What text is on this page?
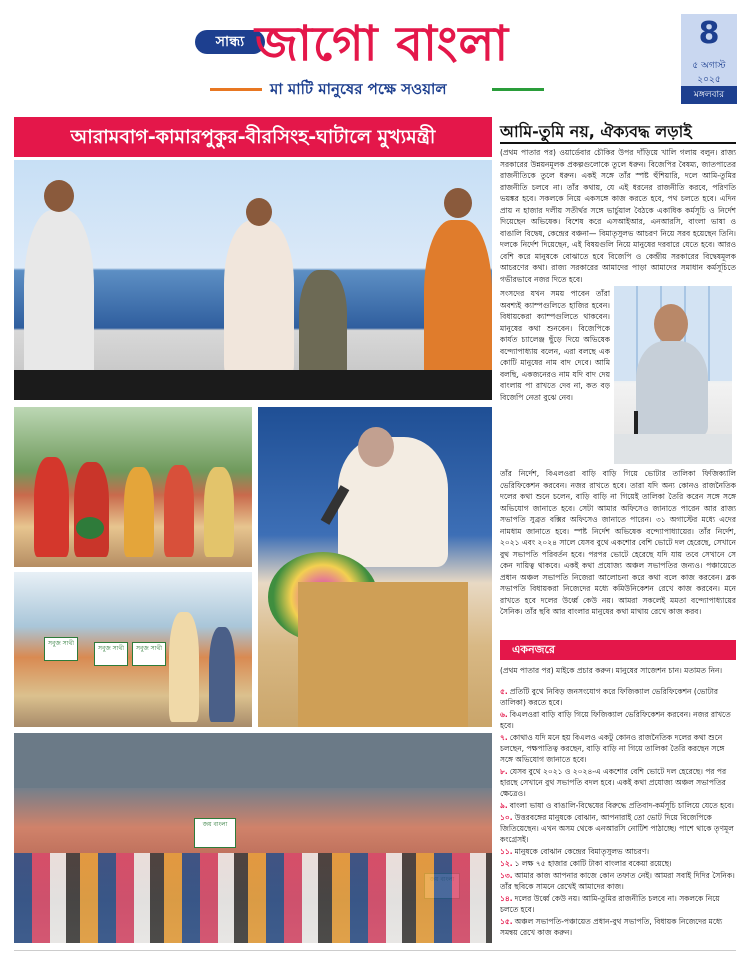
সান্ধ্য জাগো বাংলা
মা মাটি মানুষের পক্ষে সওয়াল
8
৫ অগাস্ট
২০২৫
মঙ্গলবার
আরামবাগ-কামারপুকুর-বীরসিংহ-ঘাটালে মুখ্যমন্ত্রী
সবুজ সাথী
সবুজ সাথী	সবুজ সাথী
জয় বাংলা
আমি-তুমি নয়, ঐক্যবদ্ধ লড়াই
(প্রথম পাতার পর) ওয়ার্ডেবার চৌকির উপর দাঁড়িয়ে খালি গলায় বলুন। রাজ্য সরকারের উন্নয়নমূলক প্রকল্পগুলোকে তুলে ধরুন। বিজেপির বৈষম্য, জাতপাতের রাজনীতিকে তুলে ধরুন। একই সঙ্গে তাঁর স্পষ্ট হুঁশিয়ারি, দলে আমি-তুমির রাজনীতি চলবে না। তাঁর কথায়, যে এই ধরনের রাজনীতি করবে, পরিণতি ভয়ঙ্কর হবে। সকলকে নিয়ে একসঙ্গে কাজ করতে হবে, পথ চলতে হবে। এদিন প্রায় ন হাজার দলীয় সতীর্থর সঙ্গে ভার্চুয়াল বৈঠকে একাধিক কর্মসূচি ও নির্দেশ দিয়েছেন অভিষেক। বিশেষ করে এসআইআর, এনআরসি, বাংলা ভাষা ও বাঙালি বিদ্বেষ, কেন্দ্রের বঞ্চনা— বিমাতৃসুলভ আচরণ নিয়ে সরব হয়েছেন তিনি। দলকে নির্দেশ দিয়েছেন, এই বিষয়গুলি নিয়ে মানুষের দরবারে যেতে হবে। আরও বেশি করে মানুষকে বোঝাতে হবে বিজেপি ও কেন্দ্রীয় সরকারের বিদ্বেষমূলক আচরণের কথা। রাজ্য সরকারের আমাদের পাড়া আমাদের সমাধান কর্মসূচিতে গভীরভাবে নজর দিতে হবে।
সংসদের যখন সময় পাবেন তাঁরা অবশ্যই ক্যাম্পগুলিতে হাজির হবেন। বিধায়কেরা ক্যাম্পগুলিতে থাকবেন। মানুষের কথা শুনবেন। বিজেপিকে কার্যত চ্যালেঞ্জ ছুঁড়ে দিয়ে অভিষেক বন্দ্যোপাধ্যায় বলেন, এরা বলছে এক কোটি মানুষের নাম বাদ দেবে। আমি বলছি, একজনেরও নাম যদি বাদ দেয় বাংলায় পা রাখতে দেব না, কত বড় বিজেপি নেতা বুঝে নেব।
তাঁর নির্দেশ, বিএলওরা বাড়ি বাড়ি গিয়ে ভোটার তালিকা ফিজিক্যালি ভেরিফিকেশন করবেন। নজর রাখতে হবে। তারা যদি অন্য কোনও রাজনৈতিক দলের কথা শুনে চলেন, বাড়ি বাড়ি না গিয়েই তালিকা তৈরি করেন সঙ্গে সঙ্গে অভিযোগ জানাতে হবে। সেটা আমার অফিসেও জানাতে পারেন আর রাজ্য সভাপতি সুব্রত বক্সির অফিসেও জানাতে পারেন। ৩১ অগাস্টের মধ্যে এদের নামধাম জানাতে হবে। স্পষ্ট নির্দেশ অভিষেক বন্দ্যোপাধ্যায়ের। তাঁর নির্দেশ, ২০২১ এবং ২০২৪ সালে যেসব বুথে একশোর বেশি ভোটে দল হেরেছে, সেখানে বুথ সভাপতি পরিবর্তন হবে। পরপর ভোটে হেরেছে যদি যায় তবে সেখানে সে কেন দায়িত্ব থাকবে। একই কথা প্রযোজ্য অঞ্চল সভাপতির জন্যও। পঞ্চায়েতে প্রধান অঞ্চল সভাপতি নিজেরা আলোচনা করে কথা বলে কাজ করবেন। ব্লক সভাপতি বিধায়করা নিজেদের মধ্যে কমিউনিকেশন রেখে কাজ করবেন। মনে রাখতে হবে দলের উর্ধ্বে কেউ নয়। আমরা সকলেই মমতা বন্দ্যোপাধ্যায়ের সৈনিক। তাঁর ছবি আর বাংলার মানুষের কথা মাথায় রেখে কাজ করব।
একনজরে
(প্রথম পাতার পর) মাইকে প্রচার করুন। মানুষের সাজেশন চান। মতামত নিন।
৫. প্রতিটি বুথে নিবিড় জনসংযোগ করে ফিজিক্যাল ভেরিফিকেশন (ভোটার তালিকা) করতে হবে।
৬. বিএলওরা বাড়ি বাড়ি গিয়ে ফিজিক্যাল ভেরিফিকেশন করবেন। নজর রাখতে হবে।
৭. কোথাও যদি মনে হয় বিএলও একটু কোনও রাজনৈতিক দলের কথা শুনে চলছেন, পক্ষপাতিত্ব করছেন, বাড়ি বাড়ি না গিয়ে তালিকা তৈরি করছেন সঙ্গে সঙ্গে অভিযোগ জানাতে হবে।
৮. যেসব বুথে ২০২১ ও ২০২৪-এ একশোর বেশি ভোটে দল হেরেছে। পর পর হারছে সেখানে বুথ সভাপতি বদল হবে। একই কথা প্রযোজ্য অঞ্চল সভাপতির ক্ষেত্রেও।
৯. বাংলা ভাষা ও বাঙালি-বিদ্বেষের বিরুদ্ধে প্রতিবাদ-কর্মসূচি চালিয়ে যেতে হবে।
১০. উত্তরবঙ্গের মানুষকে বোঝান, আপনারাই তো ভোট দিয়ে বিজেপিকে জিতিয়েছেন। এখন অসম থেকে এনআরসি নোটিশ পাঠাচ্ছে। পাশে থাকে তৃণমূল কংগ্রেসই।
১১. মানুষকে বোঝান কেন্দ্রের বিমাতৃসুলভ আচরণ।
১২. ১ লক্ষ ৭৫ হাজার কোটি টাকা বাংলার বকেয়া রয়েছে।
১৩. আমার কাজ আপনার কাজে কোন তফাত নেই। আমরা সবাই দিদির সৈনিক। তাঁর ছবিকে সামনে রেখেই আমাদের কাজ।
১৪. দলের উর্ধ্বে কেউ নয়। আমি-তুমির রাজনীতি চলবে না। সকলকে নিয়ে চলতে হবে।
১৫. অঞ্চল সভাপতি-পঞ্চায়েত প্রধান-বুথ সভাপতি, বিধায়ক নিজেদের মধ্যে সমন্বয় রেখে কাজ করুন।
